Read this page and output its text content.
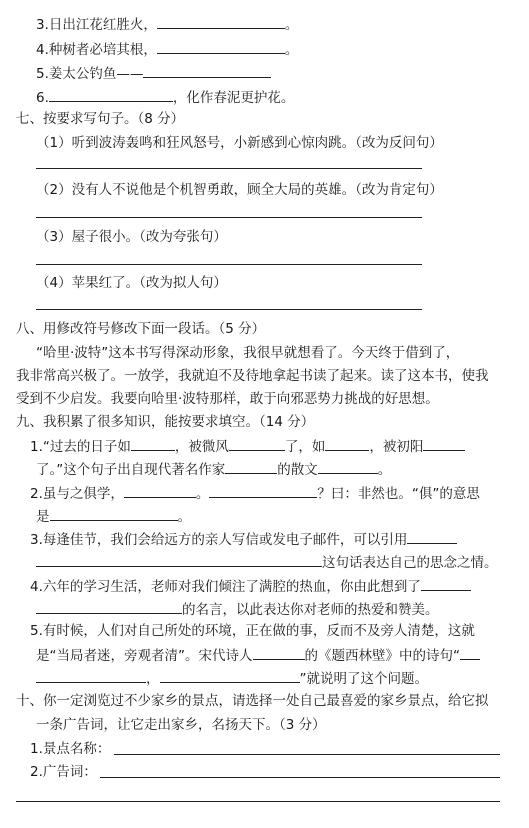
3.日出江花红胜火，	。
4.种树者必培其根，	。
5.姜太公钓鱼——
6.	，化作春泥更护花。
七、按要求写句子。（8 分）
（1）听到波涛轰鸣和狂风怒号，小新感到心惊肉跳。（改为反问句）
（2）没有人不说他是个机智勇敢，顾全大局的英雄。（改为肯定句）
（3）屋子很小。（改为夸张句）
（4）苹果红了。（改为拟人句）
八、用修改符号修改下面一段话。（5 分）
“哈里·波特”这本书写得深动形象，我很早就想看了。今天终于借到了，
我非常高兴极了。一放学，我就迫不及待地拿起书读了起来。读了这本书，使我
受到不少启发。我要向哈里·波特那样，敢于向邪恶势力挑战的好思想。
九、我积累了很多知识，能按要求填空。（14 分）
1.“过去的日子如	，被微风	了，如	，被初阳
了。”这个句子出自现代著名作家	的散文	。
2.虽与之俱学，	。	？曰：非然也。“俱”的意思
是	。
3.每逢佳节，我们会给远方的亲人写信或发电子邮件，可以引用
这句话表达自己的思念之情。
4.六年的学习生活，老师对我们倾注了满腔的热血，你由此想到了
的名言，以此表达你对老师的热爱和赞美。
5.有时候，人们对自己所处的环境，正在做的事，反而不及旁人清楚，这就
是“当局者迷，旁观者清”。宋代诗人	的《题西林壁》中的诗句“
，	”就说明了这个问题。
十、你一定浏览过不少家乡的景点，请选择一处自己最喜爱的家乡景点，给它拟
一条广告词，让它走出家乡，名扬天下。（3 分）
1.景点名称：
2.广告词：
